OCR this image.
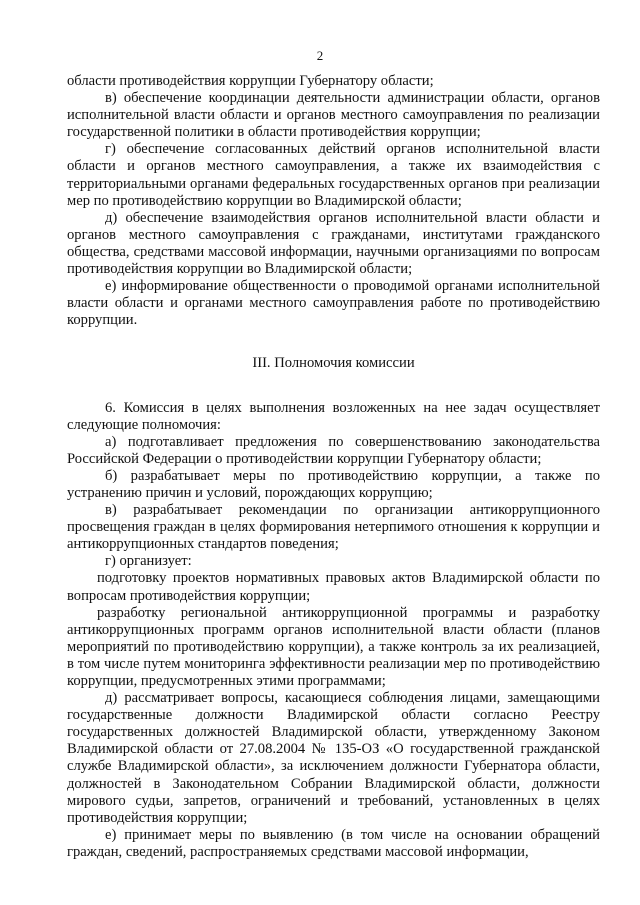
2

области противодействия коррупции Губернатору области;

в) обеспечение координации деятельности администрации области, органов исполнительной власти области и органов местного самоуправления по реализации государственной политики в области противодействия коррупции;

г) обеспечение согласованных действий органов исполнительной власти области и органов местного самоуправления, а также их взаимодействия с территориальными органами федеральных государственных органов при реализации мер по противодействию коррупции во Владимирской области;

д) обеспечение взаимодействия органов исполнительной власти области и органов местного самоуправления с гражданами, институтами гражданского общества, средствами массовой информации, научными организациями по вопросам противодействия коррупции во Владимирской области;

е) информирование общественности о проводимой органами исполнительной власти области и органами местного самоуправления работе по противодействию коррупции.

III. Полномочия комиссии

6. Комиссия в целях выполнения возложенных на нее задач осуществляет следующие полномочия:

а) подготавливает предложения по совершенствованию законодательства Российской Федерации о противодействии коррупции Губернатору области;

б) разрабатывает меры по противодействию коррупции, а также по устранению причин и условий, порождающих коррупцию;

в) разрабатывает рекомендации по организации антикоррупционного просвещения граждан в целях формирования нетерпимого отношения к коррупции и антикоррупционных стандартов поведения;

г) организует:

подготовку проектов нормативных правовых актов Владимирской области по вопросам противодействия коррупции;

разработку региональной антикоррупционной программы и разработку антикоррупционных программ органов исполнительной власти области (планов мероприятий по противодействию коррупции), а также контроль за их реализацией, в том числе путем мониторинга эффективности реализации мер по противодействию коррупции, предусмотренных этими программами;

д) рассматривает вопросы, касающиеся соблюдения лицами, замещающими государственные должности Владимирской области согласно Реестру государственных должностей Владимирской области, утвержденному Законом Владимирской области от 27.08.2004 № 135-ОЗ «О государственной гражданской службе Владимирской области», за исключением должности Губернатора области, должностей в Законодательном Собрании Владимирской области, должности мирового судьи, запретов, ограничений и требований, установленных в целях противодействия коррупции;

е) принимает меры по выявлению (в том числе на основании обращений граждан, сведений, распространяемых средствами массовой информации,
